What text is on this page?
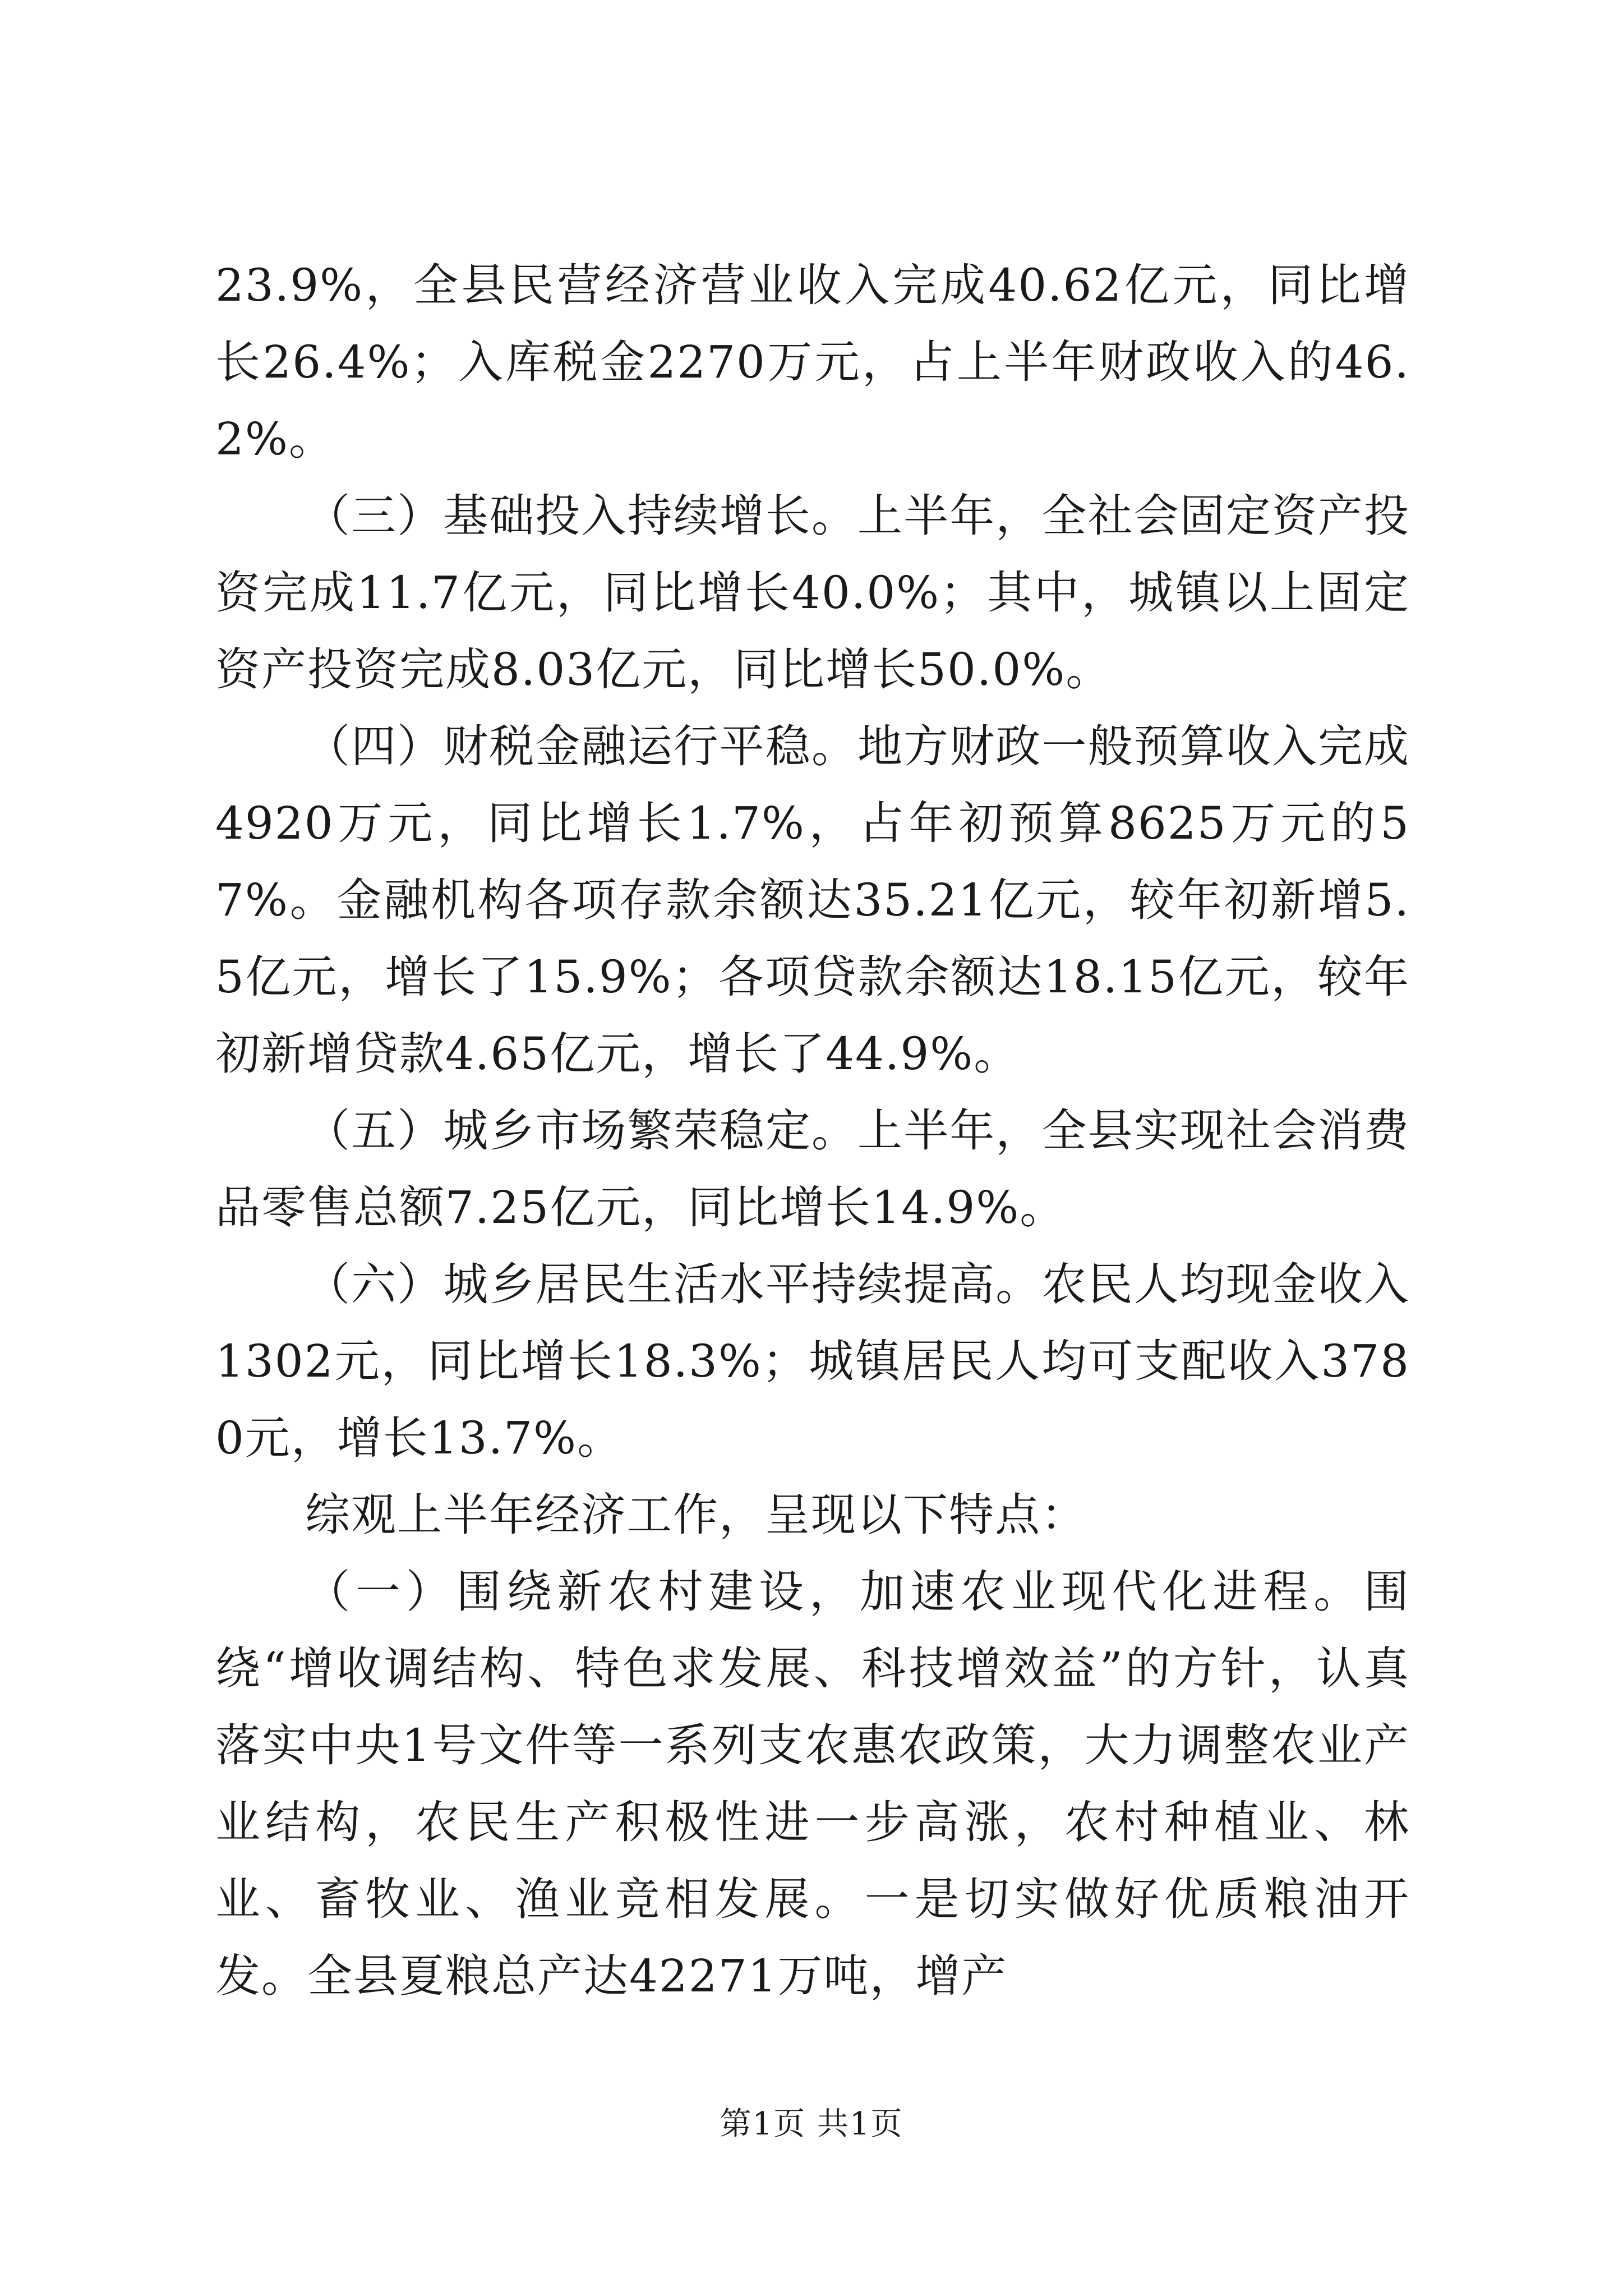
23.9%，全县民营经济营业收入完成40.62亿元，同比增长26.4%；入库税金2270万元，占上半年财政收入的46.2%。

（三）基础投入持续增长。上半年，全社会固定资产投资完成11.7亿元，同比增长40.0%；其中，城镇以上固定资产投资完成8.03亿元，同比增长50.0%。

（四）财税金融运行平稳。地方财政一般预算收入完成4920万元，同比增长1.7%，占年初预算8625万元的57%。金融机构各项存款余额达35.21亿元，较年初新增5.5亿元，增长了15.9%；各项贷款余额达18.15亿元，较年初新增贷款4.65亿元，增长了44.9%。

（五）城乡市场繁荣稳定。上半年，全县实现社会消费品零售总额7.25亿元，同比增长14.9%。

（六）城乡居民生活水平持续提高。农民人均现金收入1302元，同比增长18.3%；城镇居民人均可支配收入3780元，增长13.7%。

综观上半年经济工作，呈现以下特点：

（一）围绕新农村建设，加速农业现代化进程。围绕“增收调结构、特色求发展、科技增效益”的方针，认真落实中央1号文件等一系列支农惠农政策，大力调整农业产业结构，农民生产积极性进一步高涨，农村种植业、林业、畜牧业、渔业竞相发展。一是切实做好优质粮油开发。全县夏粮总产达42271万吨，增产

第1页 共1页
